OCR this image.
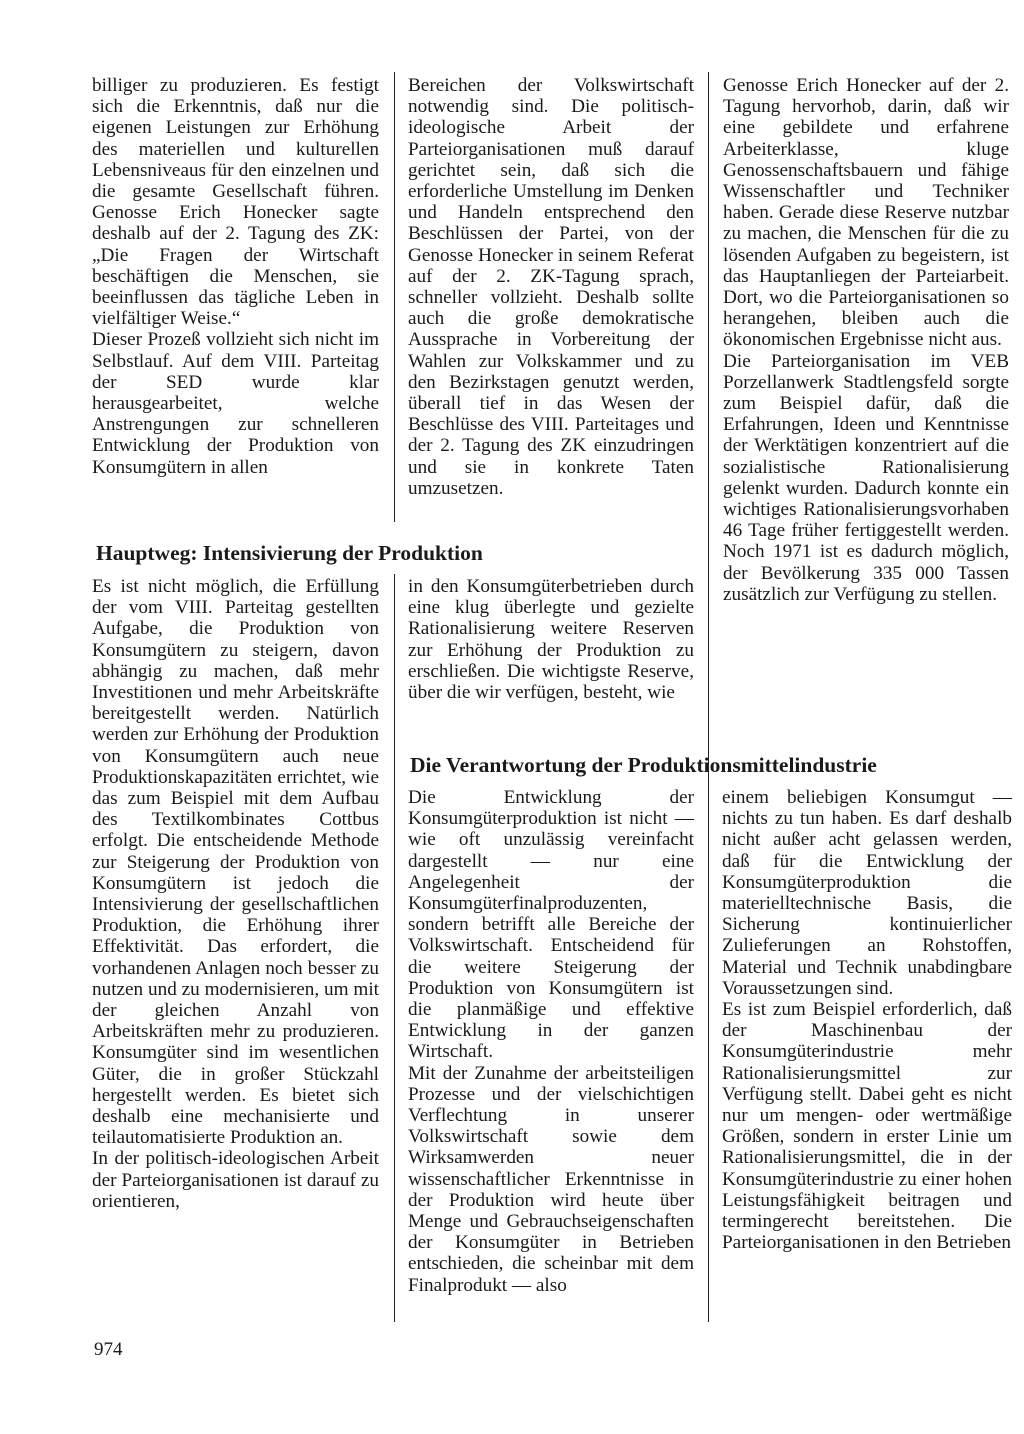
billiger zu produzieren. Es festigt sich die Erkenntnis, daß nur die eigenen Leistungen zur Erhöhung des materiellen und kulturellen Lebensniveaus für den einzelnen und die gesamte Gesellschaft führen. Genosse Erich Honecker sagte deshalb auf der 2. Tagung des ZK: „Die Fragen der Wirtschaft beschäftigen die Menschen, sie beeinflussen das tägliche Leben in vielfältiger Weise.“

Dieser Prozeß vollzieht sich nicht im Selbstlauf. Auf dem VIII. Parteitag der SED wurde klar herausgearbeitet, welche Anstrengungen zur schnelleren Entwicklung der Produktion von Konsumgütern in allen

Bereichen der Volkswirtschaft notwendig sind. Die politisch-ideologische Arbeit der Parteiorganisationen muß darauf gerichtet sein, daß sich die erforderliche Umstellung im Denken und Handeln entsprechend den Beschlüssen der Partei, von der Genosse Honecker in seinem Referat auf der 2. ZK-Tagung sprach, schneller vollzieht. Deshalb sollte auch die große demokratische Aussprache in Vorbereitung der Wahlen zur Volkskammer und zu den Bezirkstagen genutzt werden, überall tief in das Wesen der Beschlüsse des VIII. Parteitages und der 2. Tagung des ZK einzudringen und sie in konkrete Taten umzusetzen.

Genosse Erich Honecker auf der 2. Tagung hervorhob, darin, daß wir eine gebildete und erfahrene Arbeiterklasse, kluge Genossenschaftsbauern und fähige Wissenschaftler und Techniker haben. Gerade diese Reserve nutzbar zu machen, die Menschen für die zu lösenden Aufgaben zu begeistern, ist das Hauptanliegen der Parteiarbeit. Dort, wo die Parteiorganisationen so herangehen, bleiben auch die ökonomischen Ergebnisse nicht aus.

Die Parteiorganisation im VEB Porzellanwerk Stadtlengsfeld sorgte zum Beispiel dafür, daß die Erfahrungen, Ideen und Kenntnisse der Werktätigen konzentriert auf die sozialistische Rationalisierung gelenkt wurden. Dadurch konnte ein wichtiges Rationalisierungsvorhaben 46 Tage früher fertiggestellt werden. Noch 1971 ist es dadurch möglich, der Bevölkerung 335 000 Tassen zusätzlich zur Verfügung zu stellen.

Hauptweg: Intensivierung der Produktion

Es ist nicht möglich, die Erfüllung der vom VIII. Parteitag gestellten Aufgabe, die Produktion von Konsumgütern zu steigern, davon abhängig zu machen, daß mehr Investitionen und mehr Arbeitskräfte bereitgestellt werden. Natürlich werden zur Erhöhung der Produktion von Konsumgütern auch neue Produktionskapazitäten errichtet, wie das zum Beispiel mit dem Aufbau des Textilkombinates Cottbus erfolgt. Die entscheidende Methode zur Steigerung der Produktion von Konsumgütern ist jedoch die Intensivierung der gesellschaftlichen Produktion, die Erhöhung ihrer Effektivität. Das erfordert, die vorhandenen Anlagen noch besser zu nutzen und zu modernisieren, um mit der gleichen Anzahl von Arbeitskräften mehr zu produzieren. Konsumgüter sind im wesentlichen Güter, die in großer Stückzahl hergestellt werden. Es bietet sich deshalb eine mechanisierte und teilautomatisierte Produktion an.

In der politisch-ideologischen Arbeit der Parteiorganisationen ist darauf zu orientieren,

in den Konsumgüterbetrieben durch eine klug überlegte und gezielte Rationalisierung weitere Reserven zur Erhöhung der Produktion zu erschließen. Die wichtigste Reserve, über die wir verfügen, besteht, wie

Die Verantwortung der Produktionsmittelindustrie

Die Entwicklung der Konsumgüterproduktion ist nicht — wie oft unzulässig vereinfacht dargestellt — nur eine Angelegenheit der Konsumgüterfinalproduzenten, sondern betrifft alle Bereiche der Volkswirtschaft. Entscheidend für die weitere Steigerung der Produktion von Konsumgütern ist die planmäßige und effektive Entwicklung in der ganzen Wirtschaft.

Mit der Zunahme der arbeitsteiligen Prozesse und der vielschichtigen Verflechtung in unserer Volkswirtschaft sowie dem Wirksamwerden neuer wissenschaftlicher Erkenntnisse in der Produktion wird heute über Menge und Gebrauchseigenschaften der Konsumgüter in Betrieben entschieden, die scheinbar mit dem Finalprodukt — also

einem beliebigen Konsumgut — nichts zu tun haben. Es darf deshalb nicht außer acht gelassen werden, daß für die Entwicklung der Konsumgüterproduktion die materielltechnische Basis, die Sicherung kontinuierlicher Zulieferungen an Rohstoffen, Material und Technik unabdingbare Voraussetzungen sind.

Es ist zum Beispiel erforderlich, daß der Maschinenbau der Konsumgüterindustrie mehr Rationalisierungsmittel zur Verfügung stellt. Dabei geht es nicht nur um mengen- oder wertmäßige Größen, sondern in erster Linie um Rationalisierungsmittel, die in der Konsumgüterindustrie zu einer hohen Leistungsfähigkeit beitragen und termingerecht bereitstehen. Die Parteiorganisationen in den Betrieben

974
